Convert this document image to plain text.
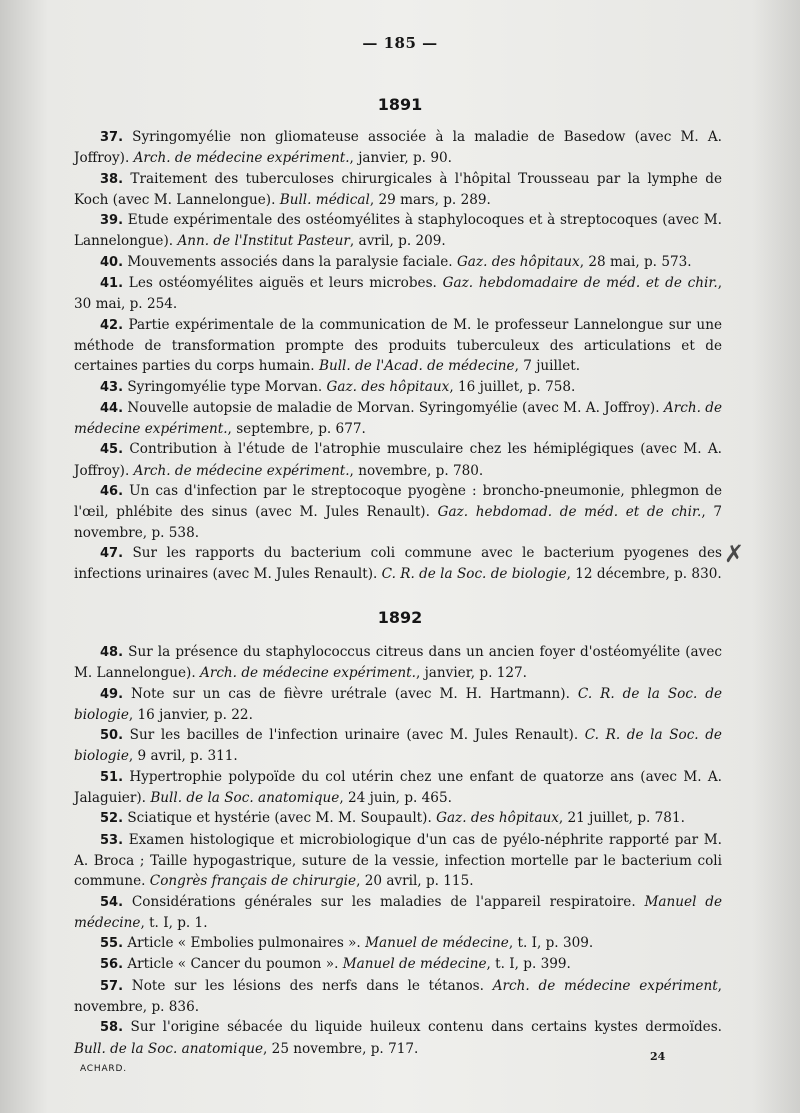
— 185 —
1891

37. Syringomyélie non gliomateuse associée à la maladie de Basedow (avec M. A. Joffroy). Arch. de médecine expériment., janvier, p. 90.

38. Traitement des tuberculoses chirurgicales à l'hôpital Trousseau par la lymphe de Koch (avec M. Lannelongue). Bull. médical, 29 mars, p. 289.

39. Etude expérimentale des ostéomyélites à staphylocoques et à streptocoques (avec M. Lannelongue). Ann. de l'Institut Pasteur, avril, p. 209.

40. Mouvements associés dans la paralysie faciale. Gaz. des hôpitaux, 28 mai, p. 573.

41. Les ostéomyélites aiguës et leurs microbes. Gaz. hebdomadaire de méd. et de chir., 30 mai, p. 254.

42. Partie expérimentale de la communication de M. le professeur Lannelongue sur une méthode de transformation prompte des produits tuberculeux des articulations et de certaines parties du corps humain. Bull. de l'Acad. de médecine, 7 juillet.

43. Syringomyélie type Morvan. Gaz. des hôpitaux, 16 juillet, p. 758.

44. Nouvelle autopsie de maladie de Morvan. Syringomyélie (avec M. A. Joffroy). Arch. de médecine expériment., septembre, p. 677.

45. Contribution à l'étude de l'atrophie musculaire chez les hémiplégiques (avec M. A. Joffroy). Arch. de médecine expériment., novembre, p. 780.

46. Un cas d'infection par le streptocoque pyogène : broncho-pneumonie, phlegmon de l'œil, phlébite des sinus (avec M. Jules Renault). Gaz. hebdomad. de méd. et de chir., 7 novembre, p. 538.

47. Sur les rapports du bacterium coli commune avec le bacterium pyogenes des infections urinaires (avec M. Jules Renault). C. R. de la Soc. de biologie, 12 décembre, p. 830.

1892

48. Sur la présence du staphylococcus citreus dans un ancien foyer d'ostéomyélite (avec M. Lannelongue). Arch. de médecine expériment., janvier, p. 127.

49. Note sur un cas de fièvre urétrale (avec M. H. Hartmann). C. R. de la Soc. de biologie, 16 janvier, p. 22.

50. Sur les bacilles de l'infection urinaire (avec M. Jules Renault). C. R. de la Soc. de biologie, 9 avril, p. 311.

51. Hypertrophie polypoïde du col utérin chez une enfant de quatorze ans (avec M. A. Jalaguier). Bull. de la Soc. anatomique, 24 juin, p. 465.

52. Sciatique et hystérie (avec M. M. Soupault). Gaz. des hôpitaux, 21 juillet, p. 781.

53. Examen histologique et microbiologique d'un cas de pyélo-néphrite rapporté par M. A. Broca ; Taille hypogastrique, suture de la vessie, infection mortelle par le bacterium coli commune. Congrès français de chirurgie, 20 avril, p. 115.

54. Considérations générales sur les maladies de l'appareil respiratoire. Manuel de médecine, t. I, p. 1.

55. Article « Embolies pulmonaires ». Manuel de médecine, t. I, p. 309.

56. Article « Cancer du poumon ». Manuel de médecine, t. I, p. 399.

57. Note sur les lésions des nerfs dans le tétanos. Arch. de médecine expériment, novembre, p. 836.

58. Sur l'origine sébacée du liquide huileux contenu dans certains kystes dermoïdes. Bull. de la Soc. anatomique, 25 novembre, p. 717.

✗
ACHARD.
24
